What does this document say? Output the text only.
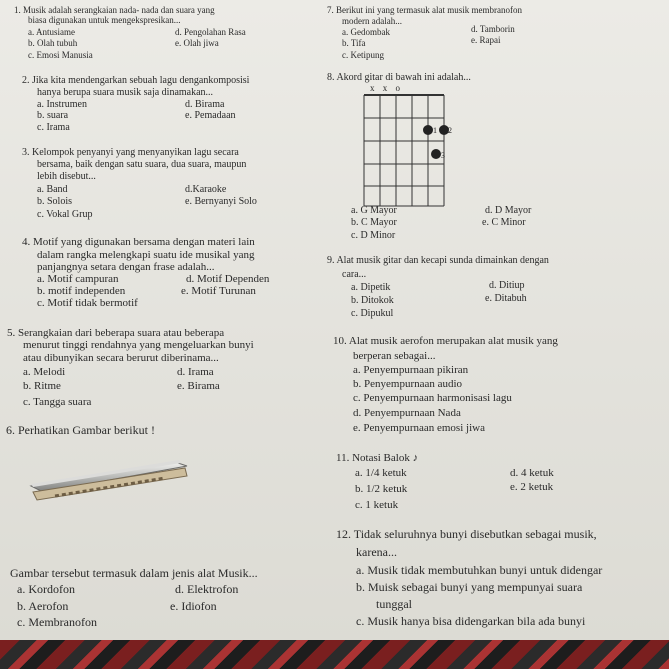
1. Musik adalah serangkaian nada- nada dan suara yang
biasa digunakan untuk mengekspresikan...
a. Antusiame	d. Pengolahan Rasa
b. Olah tubuh	e. Olah jiwa
c. Emosi Manusia
2. Jika kita mendengarkan sebuah lagu dengankomposisi
hanya berupa suara musik saja dinamakan...
a. Instrumen	d. Birama
b. suara	e. Pemadaan
c. Irama
3. Kelompok penyanyi yang menyanyikan lagu secara
bersama, baik dengan satu suara, dua suara, maupun
lebih disebut...
a. Band	d.Karaoke
b. Solois	e. Bernyanyi Solo
c. Vokal Grup
4. Motif yang digunakan bersama dengan materi lain
dalam rangka melengkapi suatu ide musikal yang
panjangnya setara dengan frase adalah...
a. Motif campuran	d. Motif Dependen
b. motif independen	e. Motif Turunan
c. Motif tidak bermotif
5. Serangkaian dari beberapa suara atau beberapa
menurut tinggi rendahnya yang mengeluarkan bunyi
atau dibunyikan secara berurut diberinama...
a. Melodi	d. Irama
b. Ritme	e. Birama
c. Tangga suara
6. Perhatikan Gambar berikut !
Gambar tersebut termasuk dalam jenis alat Musik...
a. Kordofon	d. Elektrofon
b. Aerofon	e. Idiofon
c. Membranofon
7. Berikut ini yang termasuk alat musik membranofon
modern adalah...
a. Gedombak	d. Tamborin
b. Tifa	e. Rapai
c. Ketipung
8. Akord gitar di bawah ini adalah...
x x o
1 2
3
a. G Mayor	d. D Mayor
b. C Mayor	e. C Minor
c. D Minor
9. Alat musik gitar dan kecapi sunda dimainkan dengan
cara...
a. Dipetik	d. Ditiup
b. Ditokok	e. Ditabuh
c. Dipukul
10. Alat musik aerofon merupakan alat musik yang
berperan sebagai...
a. Penyempurnaan pikiran
b. Penyempurnaan audio
c. Penyempurnaan harmonisasi lagu
d. Penyempurnaan Nada
e. Penyempurnaan emosi jiwa
11. Notasi Balok ♪
a. 1/4 ketuk	d. 4 ketuk
b. 1/2 ketuk	e. 2 ketuk
c. 1 ketuk
12. Tidak seluruhnya bunyi disebutkan sebagai musik,
karena...
a. Musik tidak membutuhkan bunyi untuk didengar
b. Muisk sebagai bunyi yang mempunyai suara
tunggal
c. Musik hanya bisa didengarkan bila ada bunyi
